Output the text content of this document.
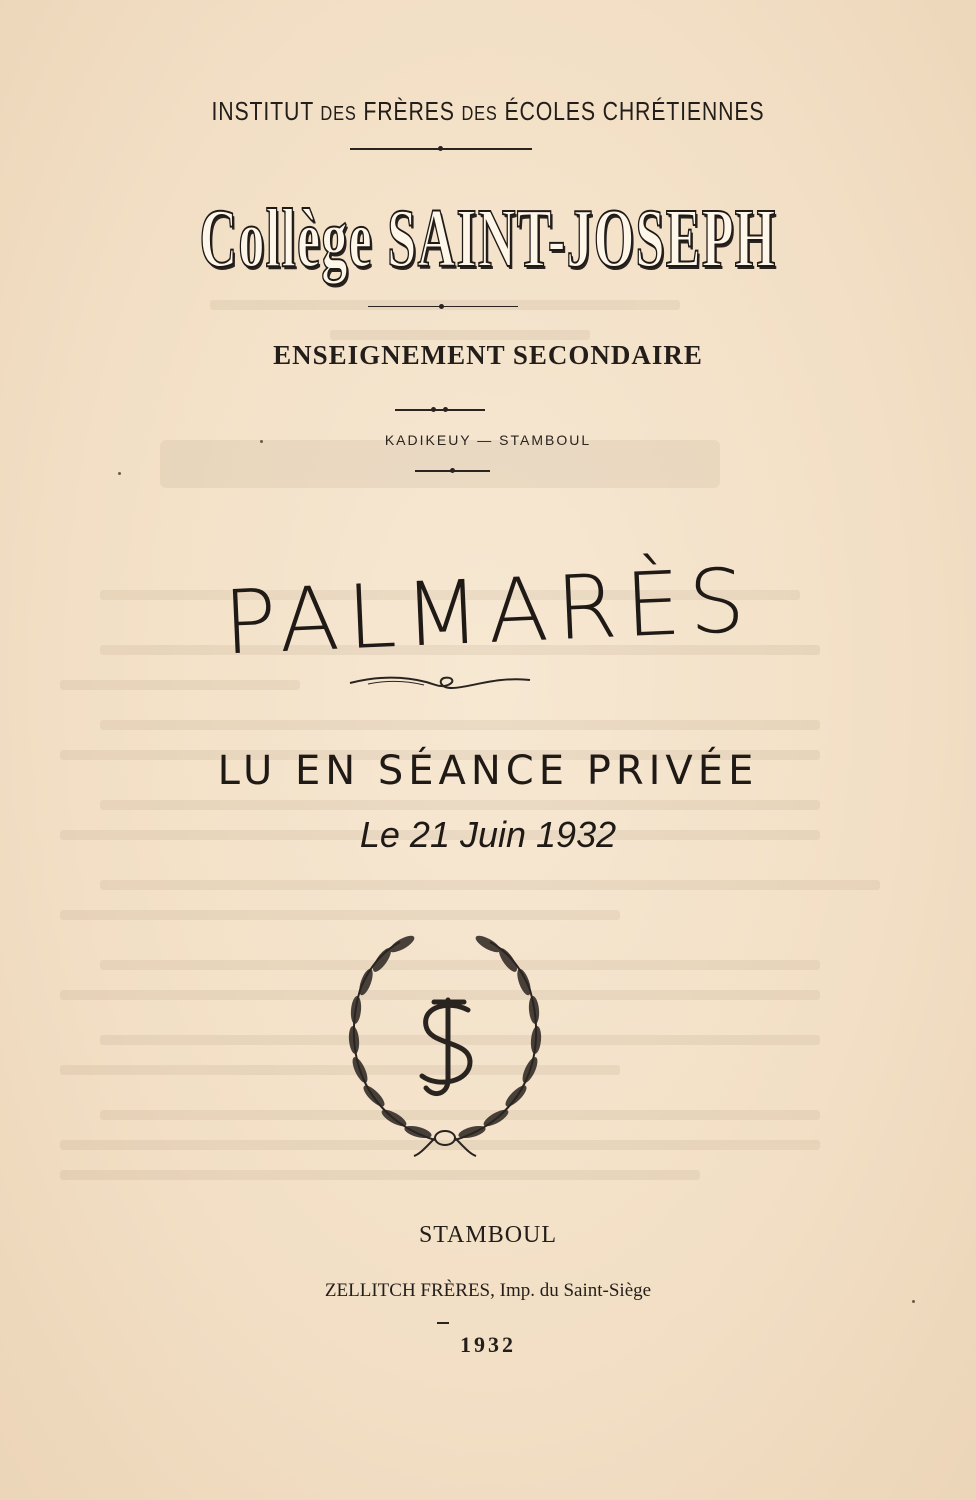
INSTITUT DES FRÈRES DES ÉCOLES CHRÉTIENNES
Collège SAINT-JOSEPH
ENSEIGNEMENT SECONDAIRE
KADIKEUY — STAMBOUL
PALMARÈS
LU EN SÉANCE PRIVÉE
Le 21 Juin 1932
STAMBOUL
ZELLITCH FRÈRES, Imp. du Saint-Siège
1932
